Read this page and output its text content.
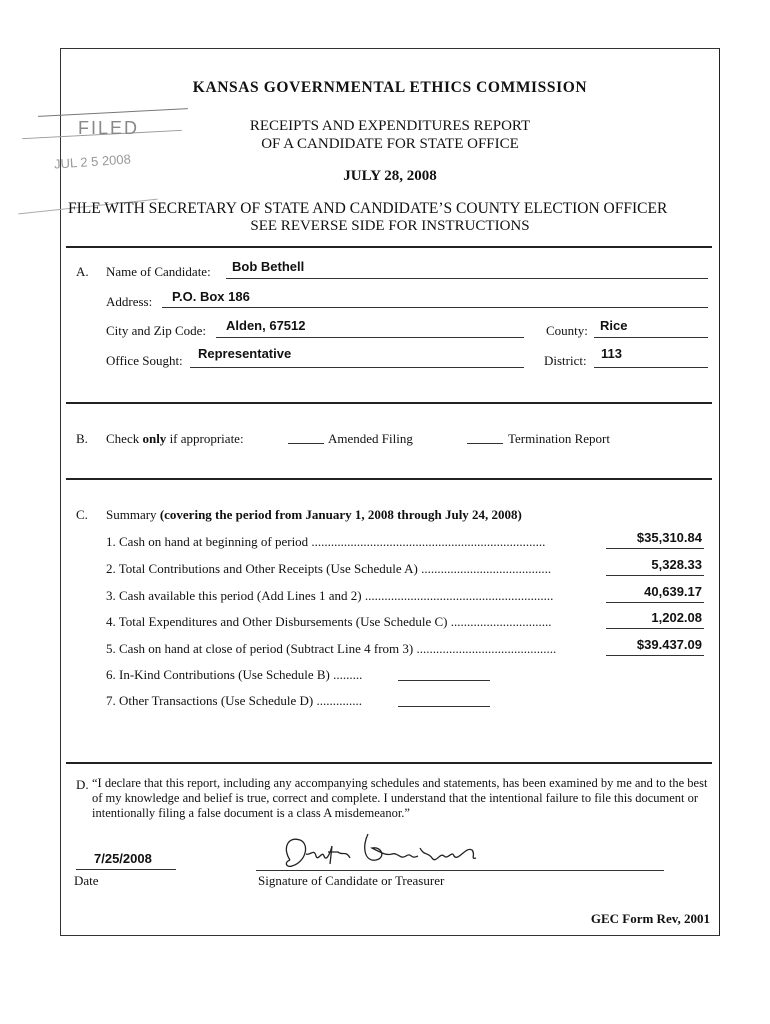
FILED
JUL 2 5 2008
KANSAS GOVERNMENTAL ETHICS COMMISSION
RECEIPTS AND EXPENDITURES REPORT
OF A CANDIDATE FOR STATE OFFICE
JULY 28, 2008
FILE WITH SECRETARY OF STATE AND CANDIDATE’S COUNTY ELECTION OFFICER
SEE REVERSE SIDE FOR INSTRUCTIONS
A. Name of Candidate: Bob Bethell
Address: P.O. Box 186
City and Zip Code: Alden, 67512	County: Rice
Office Sought: Representative	District: 113
B. Check only if appropriate:	Amended Filing	Termination Report
C. Summary (covering the period from January 1, 2008 through July 24, 2008)
1. Cash on hand at beginning of period ........................................................................	$35,310.84
2. Total Contributions and Other Receipts (Use Schedule A) ........................................	5,328.33
3. Cash available this period (Add Lines 1 and 2) ..........................................................	40,639.17
4. Total Expenditures and Other Disbursements (Use Schedule C) ...............................	1,202.08
5. Cash on hand at close of period (Subtract Line 4 from 3) ...........................................	$39.437.09
6. In-Kind Contributions (Use Schedule B) .........
7. Other Transactions (Use Schedule D) ..............
D. “I declare that this report, including any accompanying schedules and statements, has been examined by me and to the best of my knowledge and belief is true, correct and complete. I understand that the intentional failure to file this document or intentionally filing a false document is a class A misdemeanor.”
7/25/2008
Date	Signature of Candidate or Treasurer
GEC Form Rev, 2001
